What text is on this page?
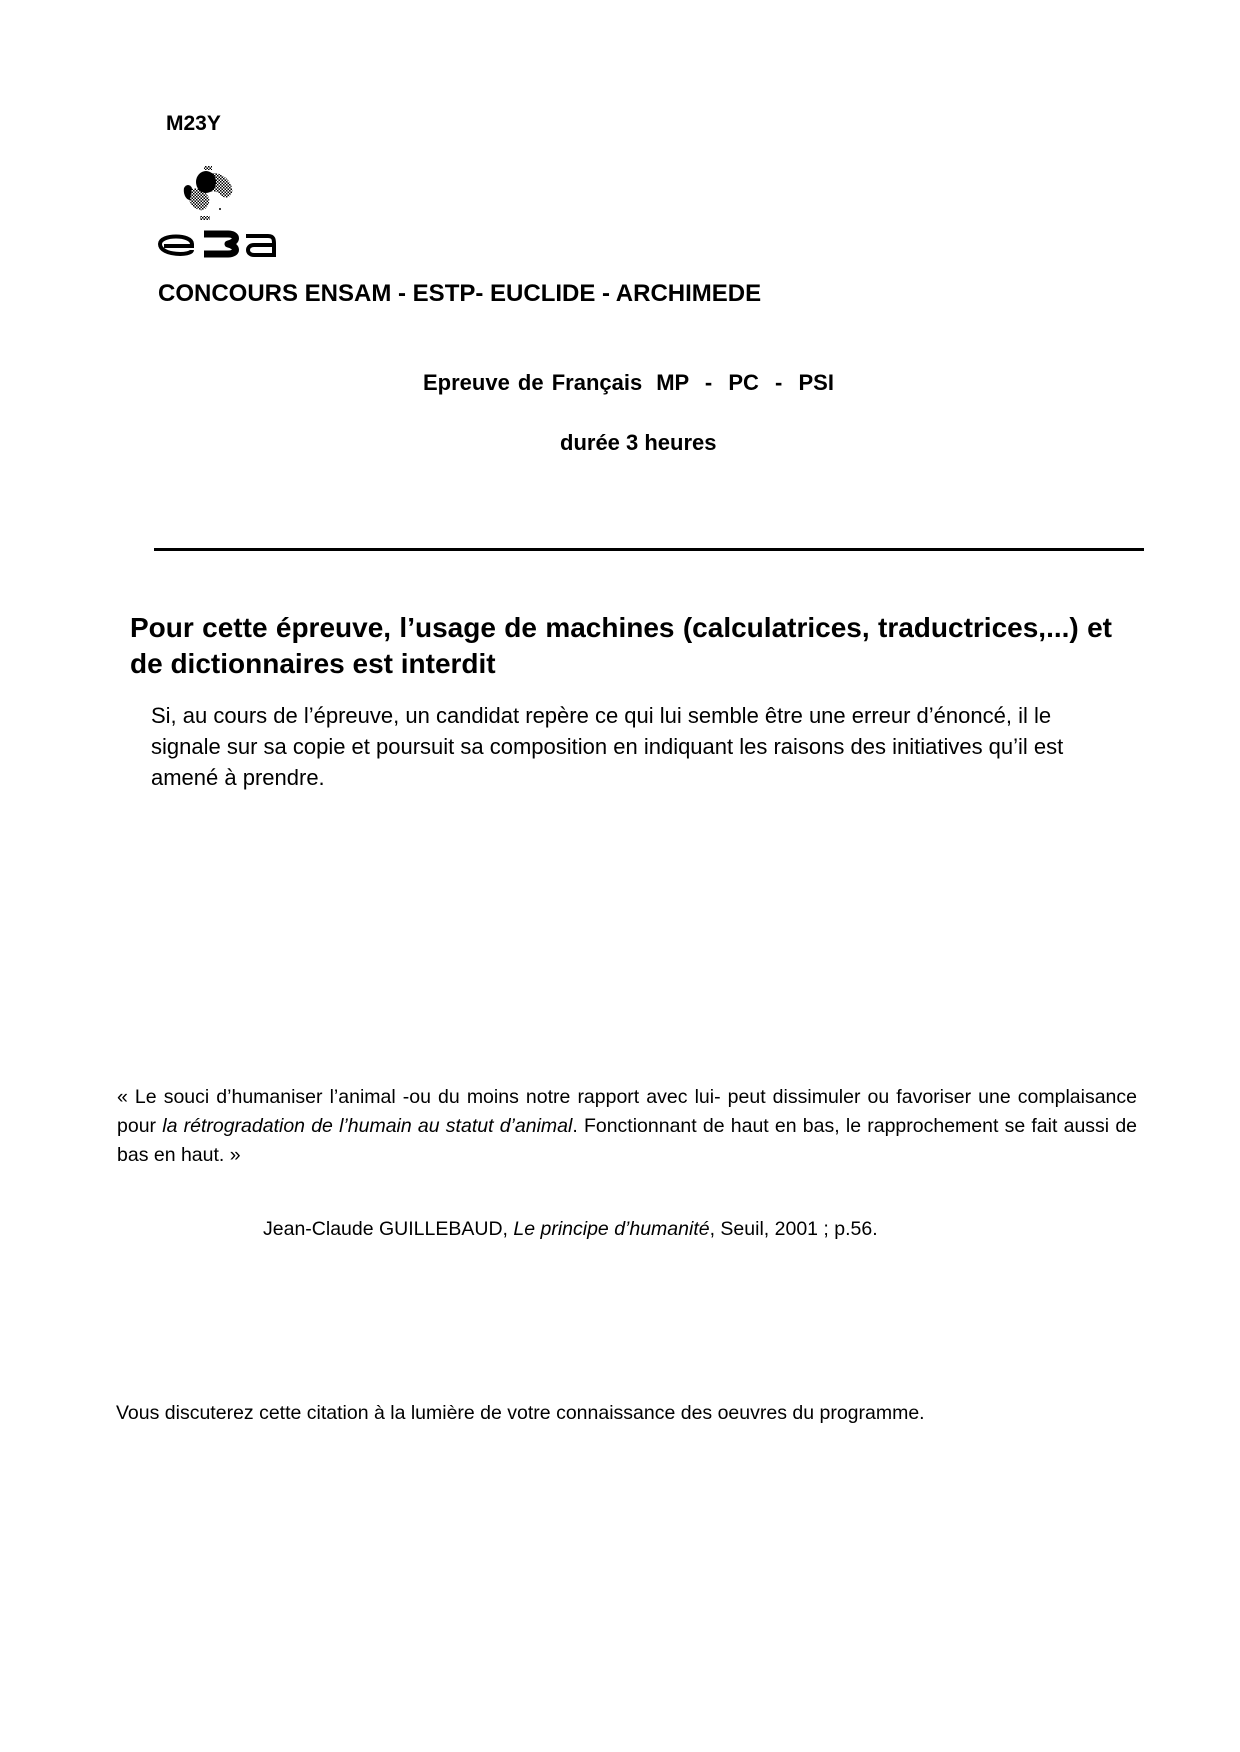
M23Y
CONCOURS ENSAM - ESTP- EUCLIDE - ARCHIMEDE
Epreuve de Français MP - PC - PSI
durée 3 heures
Pour cette épreuve, l’usage de machines (calculatrices, traductrices,...) et de dictionnaires est interdit
Si, au cours de l’épreuve, un candidat repère ce qui lui semble être une erreur d’énoncé, il le signale sur sa copie et poursuit sa composition en indiquant les raisons des initiatives qu’il est amené à prendre.
« Le souci d’humaniser l’animal -ou du moins notre rapport avec lui- peut dissimuler ou favoriser une complaisance pour la rétrogradation de l’humain au statut d’animal. Fonctionnant de haut en bas, le rapprochement se fait aussi de bas en haut. »
Jean-Claude GUILLEBAUD, Le principe d’humanité, Seuil, 2001 ; p.56.
Vous discuterez cette citation à la lumière de votre connaissance des oeuvres du programme.
